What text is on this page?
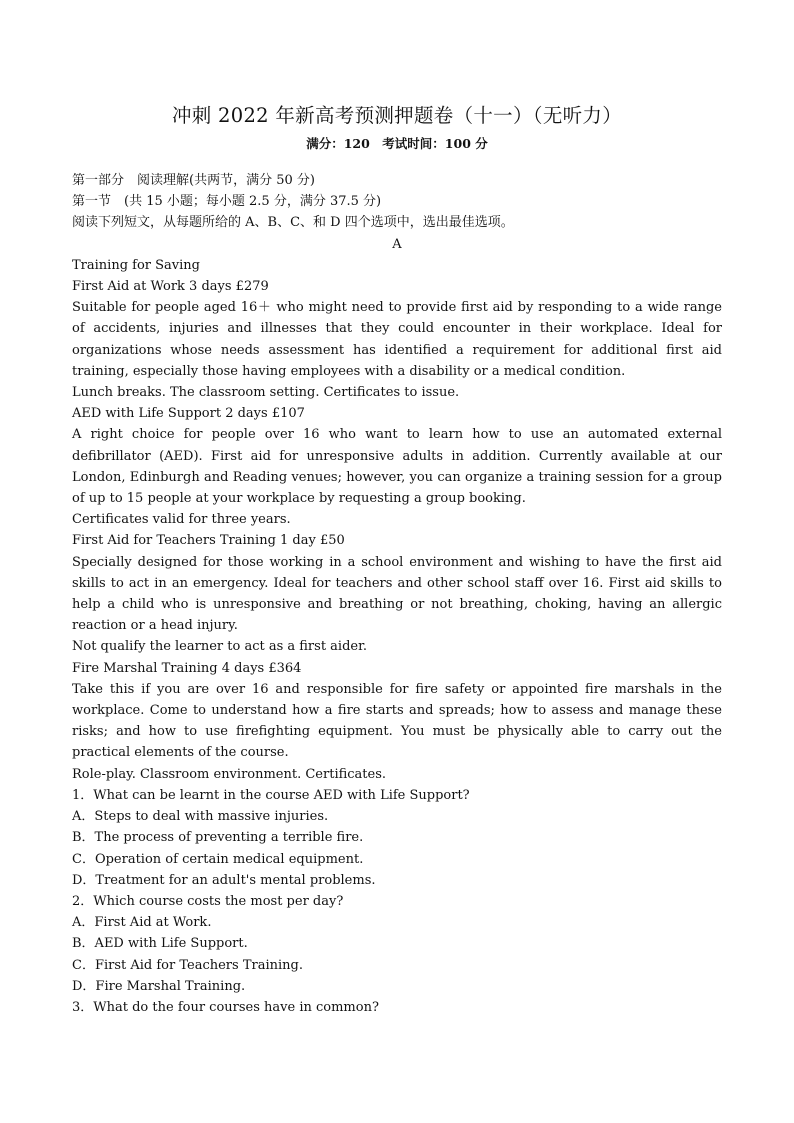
冲刺 2022 年新高考预测押题卷（十一）（无听力）
满分：120　考试时间：100 分
第一部分　阅读理解(共两节，满分 50 分)
第一节　(共 15 小题；每小题 2.5 分，满分 37.5 分)
阅读下列短文，从每题所给的 A、B、C、和 D 四个选项中，选出最佳选项。
A
Training for Saving
First Aid at Work 3 days £279
Suitable for people aged 16＋ who might need to provide first aid by responding to a wide range of accidents, injuries and illnesses that they could encounter in their workplace. Ideal for organizations whose needs assessment has identified a requirement for additional first aid training, especially those having employees with a disability or a medical condition.
Lunch breaks. The classroom setting. Certificates to issue.
AED with Life Support 2 days £107
A right choice for people over 16 who want to learn how to use an automated external defibrillator (AED). First aid for unresponsive adults in addition. Currently available at our London, Edinburgh and Reading venues; however, you can organize a training session for a group of up to 15 people at your workplace by requesting a group booking.
Certificates valid for three years.
First Aid for Teachers Training 1 day £50
Specially designed for those working in a school environment and wishing to have the first aid skills to act in an emergency. Ideal for teachers and other school staff over 16. First aid skills to help a child who is unresponsive and breathing or not breathing, choking, having an allergic reaction or a head injury.
Not qualify the learner to act as a first aider.
Fire Marshal Training 4 days £364
Take this if you are over 16 and responsible for fire safety or appointed fire marshals in the workplace. Come to understand how a fire starts and spreads; how to assess and manage these risks; and how to use firefighting equipment. You must be physically able to carry out the practical elements of the course.
Role-play. Classroom environment. Certificates.
1．What can be learnt in the course AED with Life Support?
A．Steps to deal with massive injuries.
B．The process of preventing a terrible fire.
C．Operation of certain medical equipment.
D．Treatment for an adult's mental problems.
2．Which course costs the most per day?
A．First Aid at Work.
B．AED with Life Support.
C．First Aid for Teachers Training.
D．Fire Marshal Training.
3．What do the four courses have in common?
